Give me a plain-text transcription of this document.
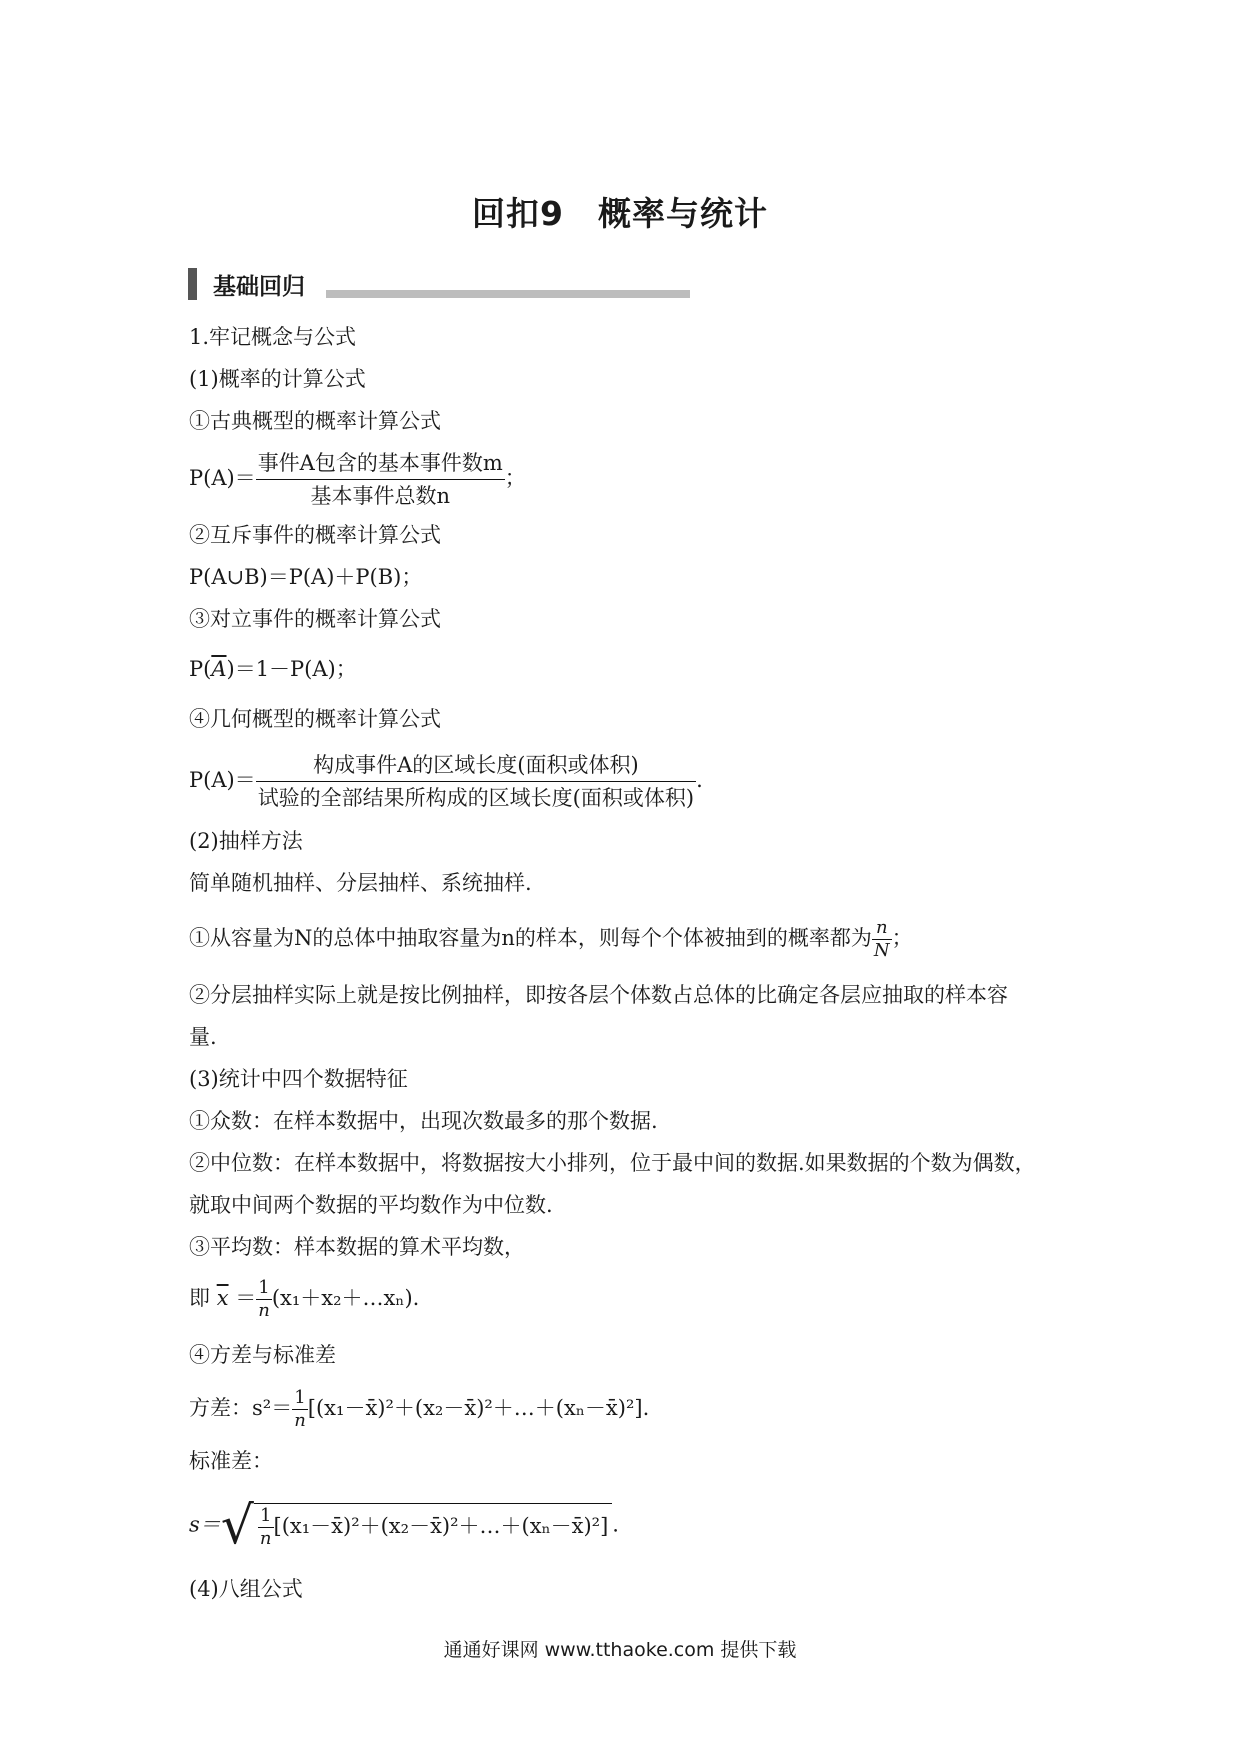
回扣9　概率与统计
基础回归
1.牢记概念与公式
(1)概率的计算公式
①古典概型的概率计算公式
$P(A)= \frac{\text{事件A包含的基本事件数m}}{\text{基本事件总数n}}$ ；
②互斥事件的概率计算公式
P(A∪B)＝P(A)＋P(B)；
③对立事件的概率计算公式
$P(\overline{A})=1-P(A)$；
④几何概型的概率计算公式
$P(A)= \frac{\text{构成事件A的区域长度(面积或体积)}}{\text{试验的全部结果所构成的区域长度(面积或体积)}}$ .
(2)抽样方法
简单随机抽样、分层抽样、系统抽样.
①从容量为N的总体中抽取容量为n的样本，则每个个体被抽到的概率都为 $\frac{n}{N}$ ；
②分层抽样实际上就是按比例抽样，即按各层个体数占总体的比确定各层应抽取的样本容
量.
(3)统计中四个数据特征
①众数：在样本数据中，出现次数最多的那个数据.
②中位数：在样本数据中，将数据按大小排列，位于最中间的数据.如果数据的个数为偶数，
就取中间两个数据的平均数作为中位数.
③平均数：样本数据的算术平均数，
即 $\overline{x} = \frac{1}{n}$ (x₁＋x₂＋…xₙ).
④方差与标准差
方差：$s^2= \frac{1}{n}$ [(x₁－x̄)²＋(x₂－x̄)²＋…＋(xₙ－x̄)²].
标准差：
$s=√ \frac{1}{n}$ [(x₁－x̄)²＋(x₂－x̄)²＋…＋(xₙ－x̄)²] .
(4)八组公式
通通好课网 www.tthaoke.com 提供下载
